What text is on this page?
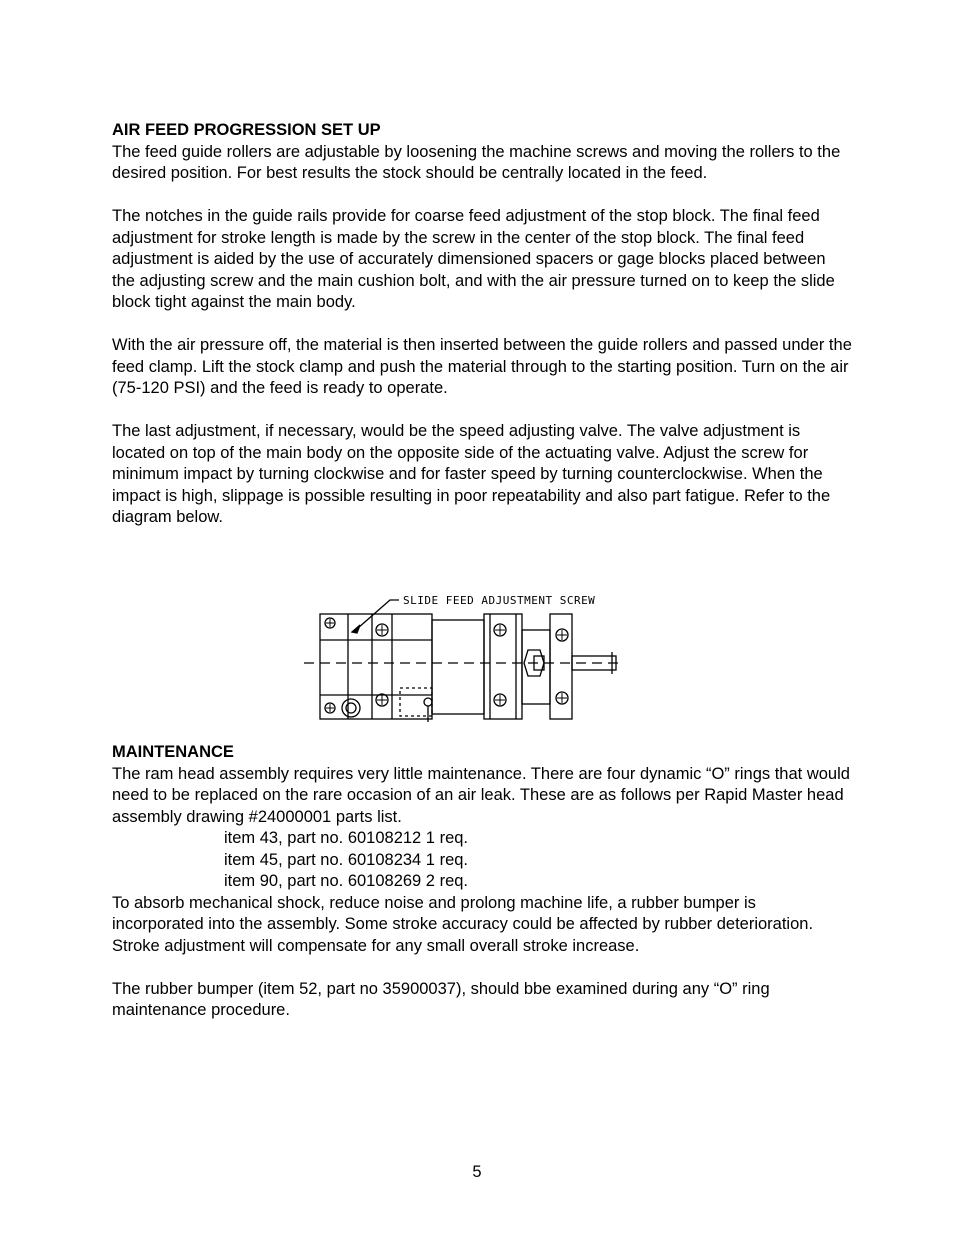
AIR FEED PROGRESSION SET UP

The feed guide rollers are adjustable by loosening the machine screws and moving the rollers to the desired position. For best results the stock should be centrally located in the feed.

The notches in the guide rails provide for coarse feed adjustment of the stop block. The final feed adjustment for stroke length is made by the screw in the center of the stop block. The final feed adjustment is aided by the use of accurately dimensioned spacers or gage blocks placed between the adjusting screw and the main cushion bolt, and with the air pressure turned on to keep the slide block tight against the main body.

With the air pressure off, the material is then inserted between the guide rollers and passed under the feed clamp. Lift the stock clamp and push the material through to the starting position. Turn on the air (75-120 PSI) and the feed is ready to operate.

The last adjustment, if necessary, would be the speed adjusting valve. The valve adjustment is located on top of the main body on the opposite side of the actuating valve. Adjust the screw for minimum impact by turning clockwise and for faster speed by turning counterclockwise. When the impact is high, slippage is possible resulting in poor repeatability and also part fatigue. Refer to the diagram below.

SLIDE FEED ADJUSTMENT SCREW
MAINTENANCE
The ram head assembly requires very little maintenance. There are four dynamic “O” rings that would need to be replaced on the rare occasion of an air leak. These are as follows per Rapid Master head assembly drawing #24000001 parts list.
item 43, part no. 60108212 1 req.
item 45, part no. 60108234 1 req.
item 90, part no. 60108269 2 req.

To absorb mechanical shock, reduce noise and prolong machine life, a rubber bumper is incorporated into the assembly. Some stroke accuracy could be affected by rubber deterioration. Stroke adjustment will compensate for any small overall stroke increase.

The rubber bumper (item 52, part no 35900037), should bbe examined during any “O” ring maintenance procedure.

5
